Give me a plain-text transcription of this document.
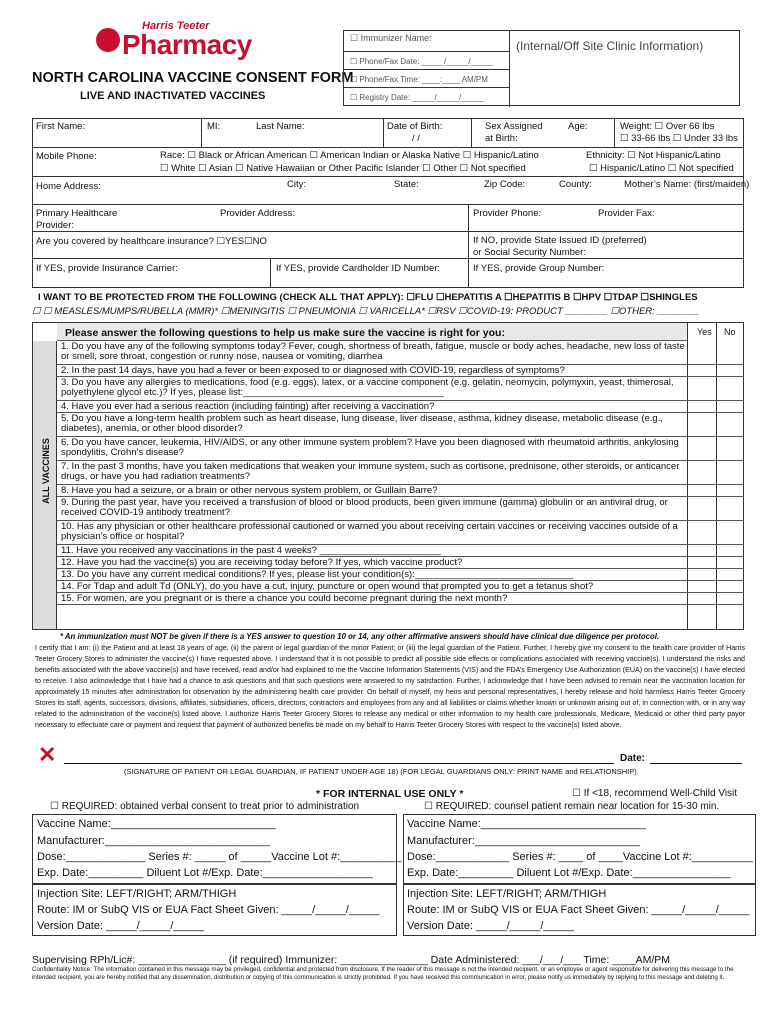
Harris Teeter
Pharmacy
NORTH CAROLINA VACCINE CONSENT FORM
LIVE AND INACTIVATED VACCINES
☐ Immunizer Name:
(Internal/Off Site Clinic Information)
☐ Phone/Fax Date: _____/_____/_____
☐ Phone/Fax Time: ____:____ AM/PM
☐ Registry Date: _____/_____/_____
First Name:	MI:	Last Name:	Date of Birth:
/ /
Sex Assigned
at Birth:
Age:	Weight: ☐ Over 66 lbs
☐ 33-66 lbs ☐ Under 33 lbs
Mobile Phone:	Race: ☐ Black or African American ☐ American Indian or Alaska Native ☐ Hispanic/Latino
☐ White ☐ Asian ☐ Native Hawaiian or Other Pacific Islander ☐ Other ☐ Not specified
Ethnicity: ☐ Not Hispanic/Latino
☐ Hispanic/Latino ☐ Not specified
Home Address:	City:	State:	Zip Code:	County:	Mother’s Name: (first/maiden)
Primary Healthcare
Provider:
Provider Address:	Provider Phone:	Provider Fax:
Are you covered by healthcare insurance? ☐YES☐NO	If NO, provide State Issued ID (preferred)
or Social Security Number:
If YES, provide Insurance Carrier:	If YES, provide Cardholder ID Number:	If YES, provide Group Number:
I WANT TO BE PROTECTED FROM THE FOLLOWING (CHECK ALL THAT APPLY): ☐FLU ☐HEPATITIS A ☐HEPATITIS B ☐HPV ☐TDAP ☐SHINGLES
☐ ☐ MEASLES/MUMPS/RUBELLA (MMR)* ☐MENINGITIS ☐ PNEUMONIA ☐ VARICELLA* ☐RSV ☐COVID-19: PRODUCT ________ ☐OTHER: ________
ALL VACCINES
Please answer the following questions to help us make sure the vaccine is right for you:	Yes No
1. Do you have any of the following symptoms today? Fever, cough, shortness of breath, fatigue, muscle or body aches, headache, new loss of taste or smell, sore throat, congestion or runny nose, nausea or vomiting, diarrhea
2. In the past 14 days, have you had a fever or been exposed to or diagnosed with COVID-19, regardless of symptoms?
3. Do you have any allergies to medications, food (e.g. eggs), latex, or a vaccine component (e.g. gelatin, neomycin, polymyxin, yeast, thimerosal, polyethylene glycol etc.)? If yes, please list:______________________________________
4. Have you ever had a serious reaction (including fainting) after receiving a vaccination?
5. Do you have a long-term health problem such as heart disease, lung disease, liver disease, asthma, kidney disease, metabolic disease (e.g., diabetes), anemia, or other blood disorder?
6. Do you have cancer, leukemia, HIV/AIDS, or any other immune system problem? Have you been diagnosed with rheumatoid arthritis, ankylosing spondylitis, Crohn’s disease?
7. In the past 3 months, have you taken medications that weaken your immune system, such as cortisone, prednisone, other steroids, or anticancer drugs, or have you had radiation treatments?
8. Have you had a seizure, or a brain or other nervous system problem, or Guillain Barre?
9. During the past year, have you received a transfusion of blood or blood products, been given immune (gamma) globulin or an antiviral drug, or received COVID-19 antibody treatment?
10. Has any physician or other healthcare professional cautioned or warned you about receiving certain vaccines or receiving vaccines outside of a physician’s office or hospital?
11. Have you received any vaccinations in the past 4 weeks? _______________________
12. Have you had the vaccine(s) you are receiving today before? If yes, which vaccine product?
13. Do you have any current medical conditions? If yes, please list your condition(s):______________________________
14. For Tdap and adult Td (ONLY), do you have a cut, injury, puncture or open wound that prompted you to get a tetanus shot?
15. For women, are you pregnant or is there a chance you could become pregnant during the next month?
* An immunization must NOT be given if there is a YES answer to question 10 or 14, any other affirmative answers should have clinical due diligence per protocol.
I certify that I am: (i) the Patient and at least 18 years of age; (ii) the parent or legal guardian of the minor Patient; or (iii) the legal guardian of the Patient. Further, I hereby give my consent to the health care provider of Harris Teeter Grocery Stores to administer the vaccine(s) I have requested above. I understand that it is not possible to predict all possible side effects or complications associated with receiving vaccine(s). I understand the risks and benefits associated with the above vaccine(s) and have received, read and/or had explained to me the Vaccine Information Statements (VIS) and the FDA’s Emergency Use Authorization (EUA) on the vaccine(s) I have elected to receive. I also acknowledge that I have had a chance to ask questions and that such questions were answered to my satisfaction. Further, I acknowledge that I have been advised to remain near the vaccination location for approximately 15 minutes after administration for observation by the administering health care provider. On behalf of myself, my heirs and personal representatives, I hereby release and hold harmless Harris Teeter Grocery Stores its staff, agents, successors, divisions, affiliates, subsidiaries, officers, directors, contractors and employees from any and all liabilities or claims whether known or unknown arising out of, in connection with, or in any way related to the administration of the vaccine(s) listed above. I authorize Harris Teeter Grocery Stores to release any medical or other information to my health care professionals, Medicare, Medicaid or other third party payor necessary to effectuate care or payment and request that payment of authorized benefits be made on my behalf to Harris Teeter Grocery Stores with respect to the vaccine(s) listed above.
✕	Date:
(SIGNATURE OF PATIENT OR LEGAL GUARDIAN, IF PATIENT UNDER AGE 18) (FOR LEGAL GUARDIANS ONLY: PRINT NAME and RELATIONSHIP)
* FOR INTERNAL USE ONLY *	☐ If <18, recommend Well-Child Visit
☐ REQUIRED: obtained verbal consent to treat prior to administration	☐ REQUIRED: counsel patient remain near location for 15-30 min.
Vaccine Name:___________________________
Manufacturer:___________________________
Dose:_____________ Series #: _____ of _____Vaccine Lot #:__________
Exp. Date:_________ Diluent Lot #/Exp. Date:__________________
Vaccine Name:___________________________
Manufacturer:___________________________
Dose:____________ Series #: ____ of ____Vaccine Lot #:__________
Exp. Date:_________ Diluent Lot #/Exp. Date:________________
Injection Site: LEFT/RIGHT; ARM/THIGH
Route: IM or SubQ VIS or EUA Fact Sheet Given: _____/_____/_____
Version Date: _____/_____/_____
Injection Site: LEFT/RIGHT; ARM/THIGH
Route: IM or SubQ VIS or EUA Fact Sheet Given: _____/_____/_____
Version Date: _____/_____/_____
Supervising RPh/Lic#: _______________ (if required) Immunizer: _______________ Date Administered: ___/___/___ Time: ____AM/PM
Confidentiality Notice: The information contained in this message may be privileged, confidential and protected from disclosure. If the reader of this message is not the intended recipient, or an employee or agent responsible for delivering this message to the intended recipient, you are hereby notified that any dissemination, distribution or copying of this communication is strictly prohibited. If you have received this communication in error, please notify us immediately by replying to this message and deleting it.
